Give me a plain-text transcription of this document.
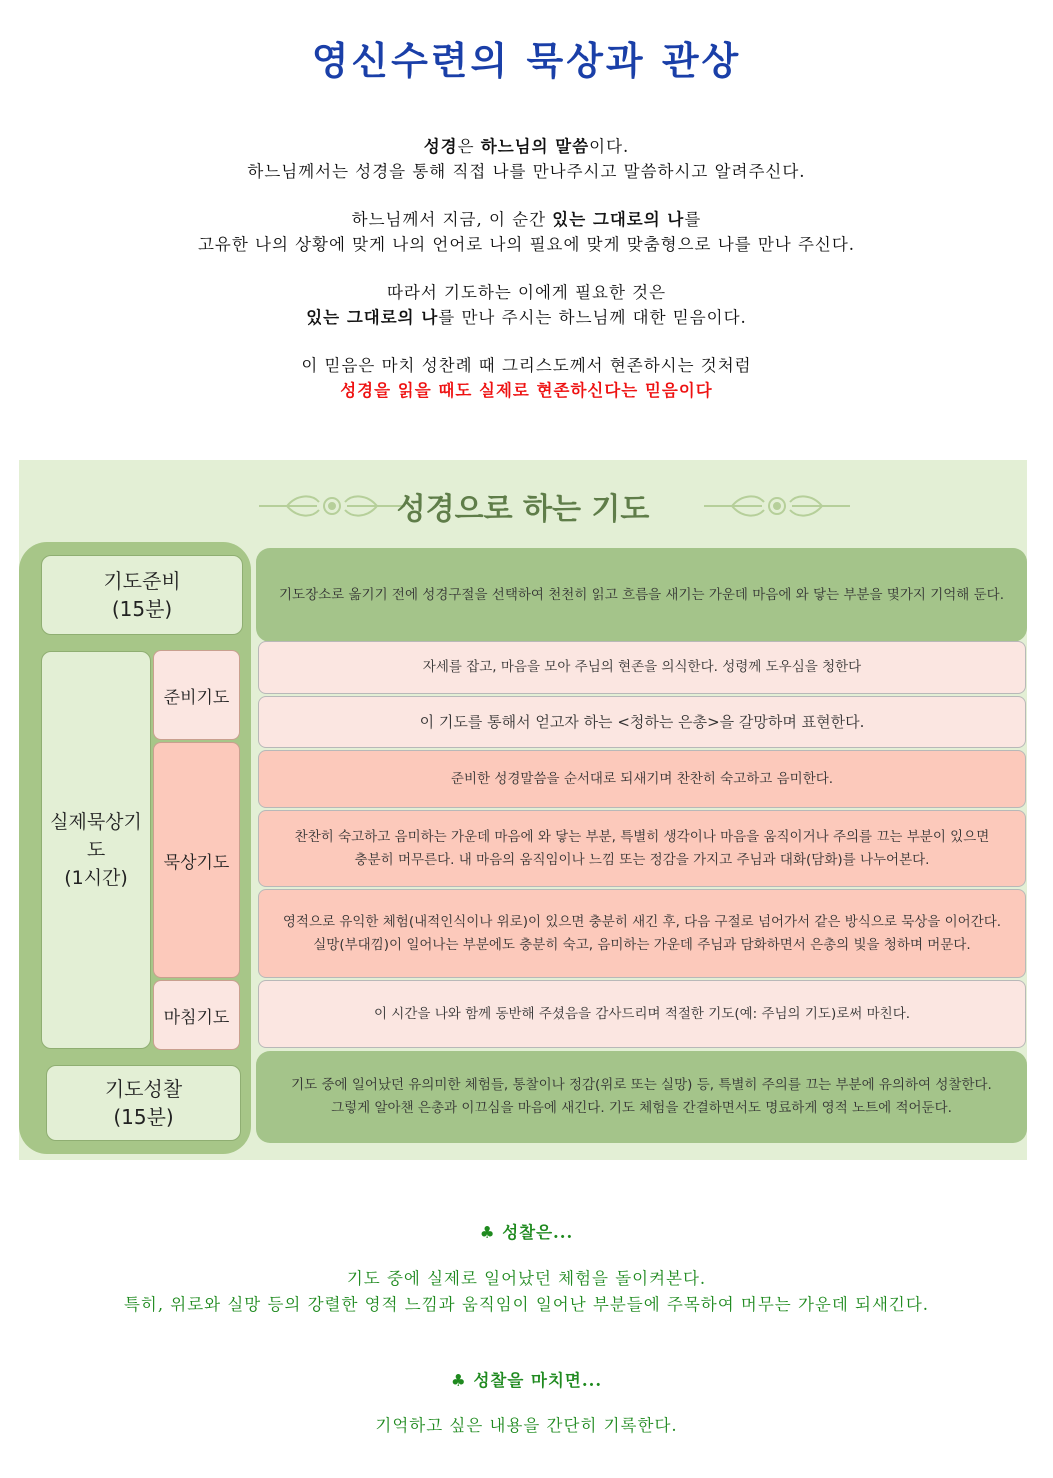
영신수련의 묵상과 관상

성경은 하느님의 말씀이다.
하느님께서는 성경을 통해 직접 나를 만나주시고 말씀하시고 알려주신다.

하느님께서 지금, 이 순간 있는 그대로의 나를
고유한 나의 상황에 맞게 나의 언어로 나의 필요에 맞게 맞춤형으로 나를 만나 주신다.

따라서 기도하는 이에게 필요한 것은
있는 그대로의 나를 만나 주시는 하느님께 대한 믿음이다.

이 믿음은 마치 성찬례 때 그리스도께서 현존하시는 것처럼
성경을 읽을 때도 실제로 현존하신다는 믿음이다

성경으로 하는 기도
기도준비
(15분)
실제묵상기도
(1시간)
준비기도
묵상기도
마침기도
기도성찰
(15분)
기도장소로 옮기기 전에 성경구절을 선택하여 천천히 읽고 흐름을 새기는 가운데 마음에 와 닿는 부분을 몇가지 기억해 둔다.
자세를 잡고, 마음을 모아 주님의 현존을 의식한다. 성령께 도우심을 청한다
이 기도를 통해서 얻고자 하는 <청하는 은총>을 갈망하며 표현한다.
준비한 성경말씀을 순서대로 되새기며 찬찬히 숙고하고 음미한다.
찬찬히 숙고하고 음미하는 가운데 마음에 와 닿는 부분, 특별히 생각이나 마음을 움직이거나 주의를 끄는 부분이 있으면
충분히 머무른다. 내 마음의 움직임이나 느낌 또는 정감을 가지고 주님과 대화(담화)를 나누어본다.
영적으로 유익한 체험(내적인식이나 위로)이 있으면 충분히 새긴 후, 다음 구절로 넘어가서 같은 방식으로 묵상을 이어간다.
실망(부대낌)이 일어나는 부분에도 충분히 숙고, 음미하는 가운데 주님과 담화하면서 은총의 빛을 청하며 머문다.
이 시간을 나와 함께 동반해 주셨음을 감사드리며 적절한 기도(예: 주님의 기도)로써 마친다.
기도 중에 일어났던 유의미한 체험들, 통찰이나 정감(위로 또는 실망) 등, 특별히 주의를 끄는 부분에 유의하여 성찰한다.
그렇게 알아챈 은총과 이끄심을 마음에 새긴다. 기도 체험을 간결하면서도 명료하게 영적 노트에 적어둔다.
♣ 성찰은...
기도 중에 실제로 일어났던 체험을 돌이켜본다.
특히, 위로와 실망 등의 강렬한 영적 느낌과 움직임이 일어난 부분들에 주목하여 머무는 가운데 되새긴다.
♣ 성찰을 마치면...
기억하고 싶은 내용을 간단히 기록한다.
